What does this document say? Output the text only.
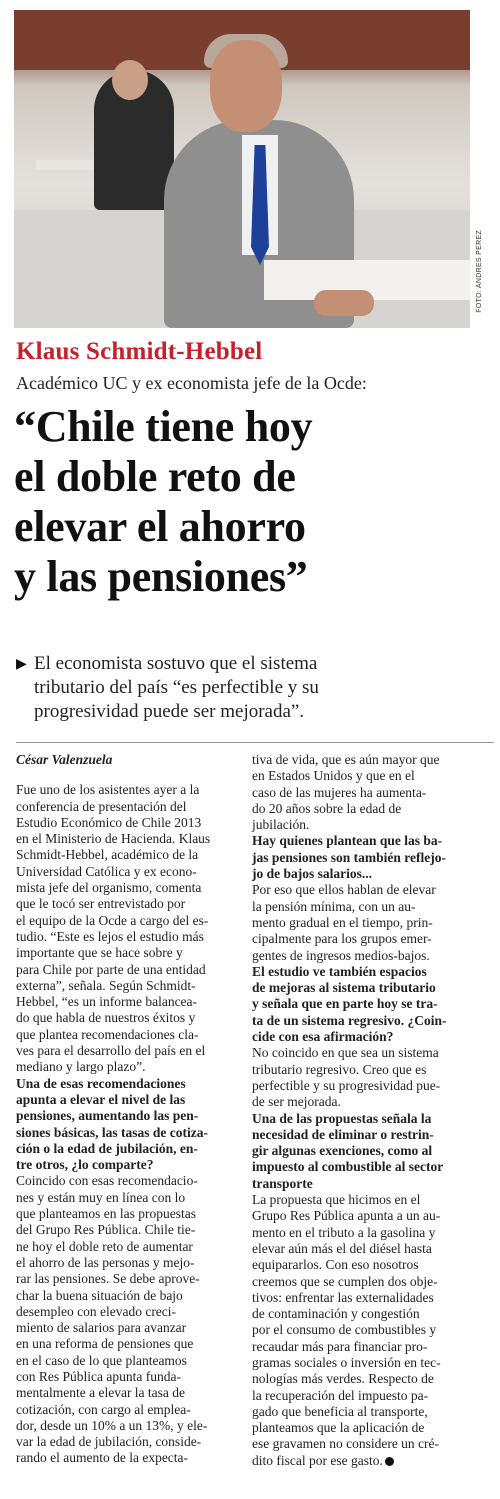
FOTO: ANDRES PEREZ
Klaus Schmidt-Hebbel
Académico UC y ex economista jefe de la Ocde:
“Chile tiene hoy
el doble reto de
elevar el ahorro
y las pensiones”
▶ El economista sostuvo que el sistema
tributario del país “es perfectible y su
progresividad puede ser mejorada”.
César Valenzuela
Fue uno de los asistentes ayer a la
conferencia de presentación del
Estudio Económico de Chile 2013
en el Ministerio de Hacienda. Klaus
Schmidt-Hebbel, académico de la
Universidad Católica y ex econo-
mista jefe del organismo, comenta
que le tocó ser entrevistado por
el equipo de la Ocde a cargo del es-
tudio. “Este es lejos el estudio más
importante que se hace sobre y
para Chile por parte de una entidad
externa”, señala. Según Schmidt-
Hebbel, “es un informe balancea-
do que habla de nuestros éxitos y
que plantea recomendaciones cla-
ves para el desarrollo del país en el
mediano y largo plazo”.
Una de esas recomendaciones
apunta a elevar el nivel de las
pensiones, aumentando las pen-
siones básicas, las tasas de cotiza-
ción o la edad de jubilación, en-
tre otros, ¿lo comparte?
Coincido con esas recomendacio-
nes y están muy en línea con lo
que planteamos en las propuestas
del Grupo Res Pública. Chile tie-
ne hoy el doble reto de aumentar
el ahorro de las personas y mejo-
rar las pensiones. Se debe aprove-
char la buena situación de bajo
desempleo con elevado creci-
miento de salarios para avanzar
en una reforma de pensiones que
en el caso de lo que planteamos
con Res Pública apunta funda-
mentalmente a elevar la tasa de
cotización, con cargo al emplea-
dor, desde un 10% a un 13%, y ele-
var la edad de jubilación, conside-
rando el aumento de la expecta-
tiva de vida, que es aún mayor que
en Estados Unidos y que en el
caso de las mujeres ha aumenta-
do 20 años sobre la edad de
jubilación.
Hay quienes plantean que las ba-
jas pensiones son también reflejo-
jo de bajos salarios...
Por eso que ellos hablan de elevar
la pensión mínima, con un au-
mento gradual en el tiempo, prin-
cipalmente para los grupos emer-
gentes de ingresos medios-bajos.
El estudio ve también espacios
de mejoras al sistema tributario
y señala que en parte hoy se tra-
ta de un sistema regresivo. ¿Coin-
cide con esa afirmación?
No coincido en que sea un sistema
tributario regresivo. Creo que es
perfectible y su progresividad pue-
de ser mejorada.
Una de las propuestas señala la
necesidad de eliminar o restrin-
gir algunas exenciones, como al
impuesto al combustible al sector
transporte
La propuesta que hicimos en el
Grupo Res Pública apunta a un au-
mento en el tributo a la gasolina y
elevar aún más el del diésel hasta
equipararlos. Con eso nosotros
creemos que se cumplen dos obje-
tivos: enfrentar las externalidades
de contaminación y congestión
por el consumo de combustibles y
recaudar más para financiar pro-
gramas sociales o inversión en tec-
nologías más verdes. Respecto de
la recuperación del impuesto pa-
gado que beneficia al transporte,
planteamos que la aplicación de
ese gravamen no considere un cré-
dito fiscal por ese gasto.
